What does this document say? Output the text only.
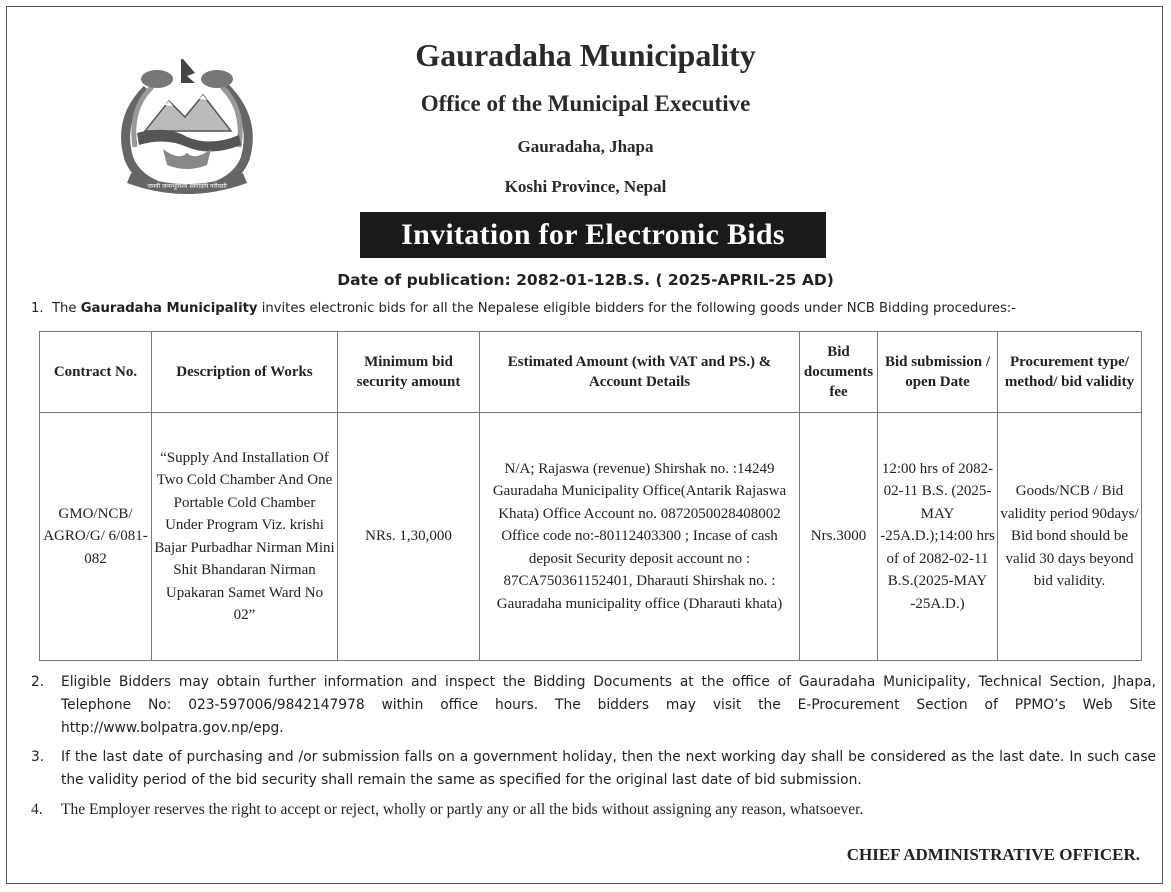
जननी जन्मभूमिश्च स्वर्गादपि गरीयसी
Gauradaha Municipality
Office of the Municipal Executive
Gauradaha, Jhapa
Koshi Province, Nepal
Invitation for Electronic Bids
Date of publication: 2082-01-12B.S. ( 2025-APRIL-25 AD)
1. The Gauradaha Municipality invites electronic bids for all the Nepalese eligible bidders for the following goods under NCB Bidding procedures:-
Contract No.	Description of Works	Minimum bid security amount	Estimated Amount (with VAT and PS.) & Account Details	Bid documents fee	Bid submission / open Date	Procurement type/ method/ bid validity
GMO/NCB/ AGRO/G/ 6/081-082	“Supply And Installation Of Two Cold Chamber And One Portable Cold Chamber Under Program Viz. krishi Bajar Purbadhar Nirman Mini Shit Bhandaran Nirman Upakaran Samet Ward No 02”	NRs. 1,30,000	N/A; Rajaswa (revenue) Shirshak no. :14249 Gauradaha Municipality Office(Antarik Rajaswa Khata) Office Account no. 0872050028408002 Office code no:-80112403300 ; Incase of cash deposit Security deposit account no : 87CA750361152401, Dharauti Shirshak no. : Gauradaha municipality office (Dharauti khata)	Nrs.3000	12:00 hrs of 2082-02-11 B.S. (2025-MAY -25A.D.);14:00 hrs of of 2082-02-11 B.S.(2025-MAY -25A.D.)	Goods/NCB / Bid validity period 90days/ Bid bond should be valid 30 days beyond bid validity.
2.	Eligible Bidders may obtain further information and inspect the Bidding Documents at the office of Gauradaha Municipality, Technical Section, Jhapa, Telephone No: 023-597006/9842147978 within office hours. The bidders may visit the E-Procurement Section of PPMO’s Web Site http://www.bolpatra.gov.np/epg.
3.	If the last date of purchasing and /or submission falls on a government holiday, then the next working day shall be considered as the last date. In such case the validity period of the bid security shall remain the same as specified for the original last date of bid submission.
4.	The Employer reserves the right to accept or reject, wholly or partly any or all the bids without assigning any reason, whatsoever.
CHIEF ADMINISTRATIVE OFFICER.
